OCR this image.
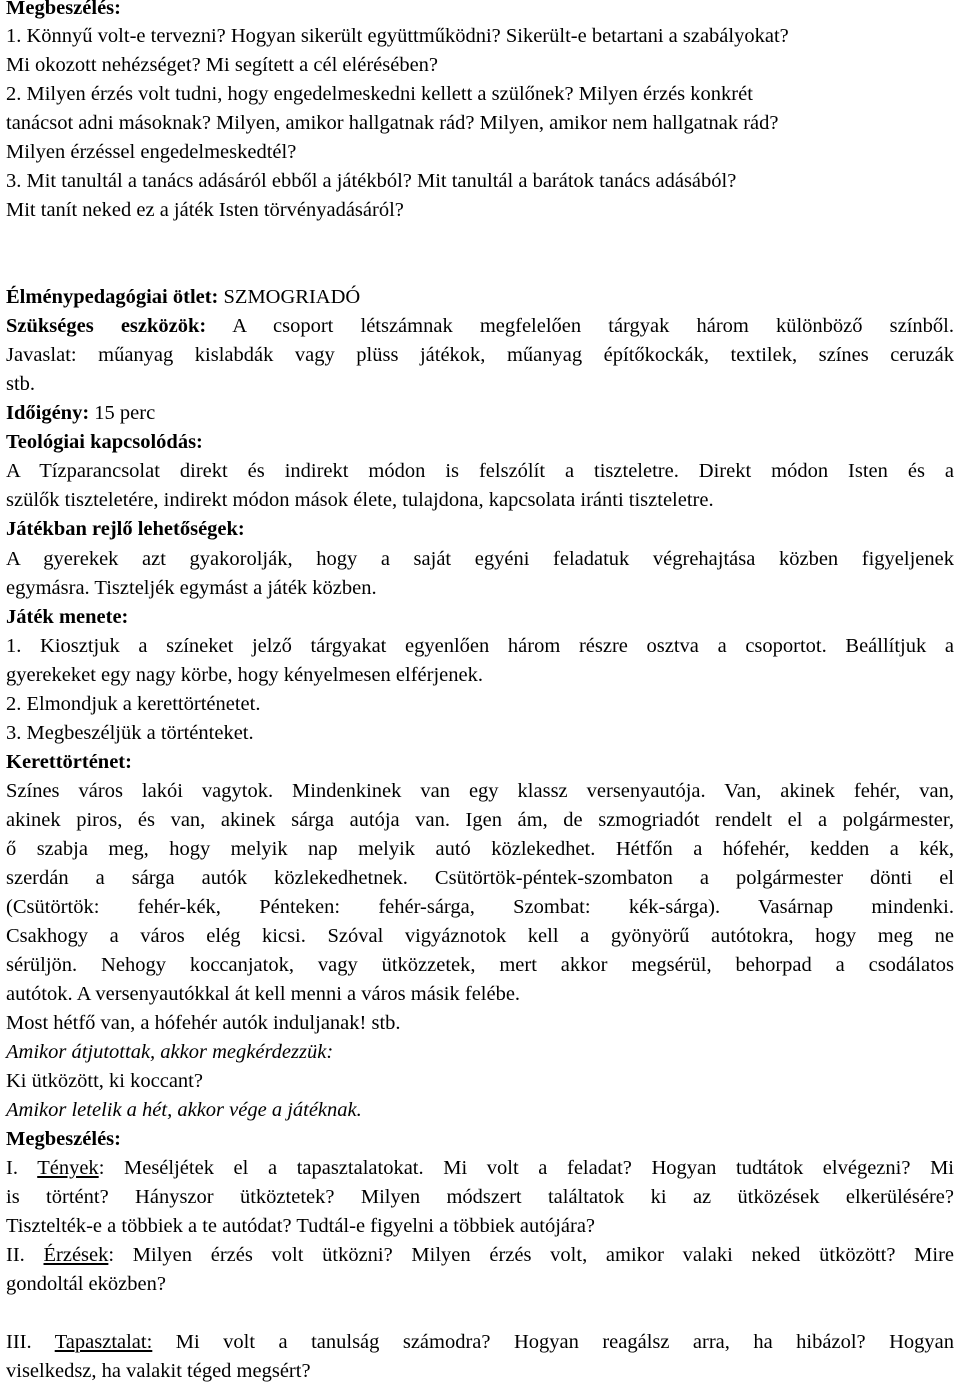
Megbeszélés:
1. Könnyű volt-e tervezni? Hogyan sikerült együttműködni? Sikerült-e betartani a szabályokat?
Mi okozott nehézséget? Mi segített a cél elérésében?
2. Milyen érzés volt tudni, hogy engedelmeskedni kellett a szülőnek? Milyen érzés konkrét
tanácsot adni másoknak? Milyen, amikor hallgatnak rád? Milyen, amikor nem hallgatnak rád?
Milyen érzéssel engedelmeskedtél?
3. Mit tanultál a tanács adásáról ebből a játékból? Mit tanultál a barátok tanács adásából?
Mit tanít neked ez a játék Isten törvényadásáról?
Élménypedagógiai ötlet: SZMOGRIADÓ
Szükséges eszközök: A csoport létszámnak megfelelően tárgyak három különböző színből.
Javaslat: műanyag kislabdák vagy plüss játékok, műanyag építőkockák, textilek, színes ceruzák
stb.
Időigény: 15 perc
Teológiai kapcsolódás:
A Tízparancsolat direkt és indirekt módon is felszólít a tiszteletre. Direkt módon Isten és a
szülők tiszteletére, indirekt módon mások élete, tulajdona, kapcsolata iránti tiszteletre.
Játékban rejlő lehetőségek:
A gyerekek azt gyakorolják, hogy a saját egyéni feladatuk végrehajtása közben figyeljenek
egymásra. Tiszteljék egymást a játék közben.
Játék menete:
1. Kiosztjuk a színeket jelző tárgyakat egyenlően három részre osztva a csoportot. Beállítjuk a
gyerekeket egy nagy körbe, hogy kényelmesen elférjenek.
2. Elmondjuk a kerettörténetet.
3. Megbeszéljük a történteket.
Kerettörténet:
Színes város lakói vagytok. Mindenkinek van egy klassz versenyautója. Van, akinek fehér, van,
akinek piros, és van, akinek sárga autója van. Igen ám, de szmogriadót rendelt el a polgármester,
ő szabja meg, hogy melyik nap melyik autó közlekedhet. Hétfőn a hófehér, kedden a kék,
szerdán a sárga autók közlekedhetnek. Csütörtök-péntek-szombaton a polgármester dönti el
(Csütörtök: fehér-kék, Pénteken: fehér-sárga, Szombat: kék-sárga). Vasárnap mindenki.
Csakhogy a város elég kicsi. Szóval vigyáznotok kell a gyönyörű autótokra, hogy meg ne
sérüljön. Nehogy koccanjatok, vagy ütközzetek, mert akkor megsérül, behorpad a csodálatos
autótok. A versenyautókkal át kell menni a város másik felébe.
Most hétfő van, a hófehér autók induljanak! stb.
Amikor átjutottak, akkor megkérdezzük:
Ki ütközött, ki koccant?
Amikor letelik a hét, akkor vége a játéknak.
Megbeszélés:
I. Tények: Meséljétek el a tapasztalatokat. Mi volt a feladat? Hogyan tudtátok elvégezni? Mi
is történt? Hányszor ütköztetek? Milyen módszert találtatok ki az ütközések elkerülésére?
Tisztelték-e a többiek a te autódat? Tudtál-e figyelni a többiek autójára?
II. Érzések: Milyen érzés volt ütközni? Milyen érzés volt, amikor valaki neked ütközött? Mire
gondoltál eközben?
III. Tapasztalat: Mi volt a tanulság számodra? Hogyan reagálsz arra, ha hibázol? Hogyan
viselkedsz, ha valakit téged megsért?
